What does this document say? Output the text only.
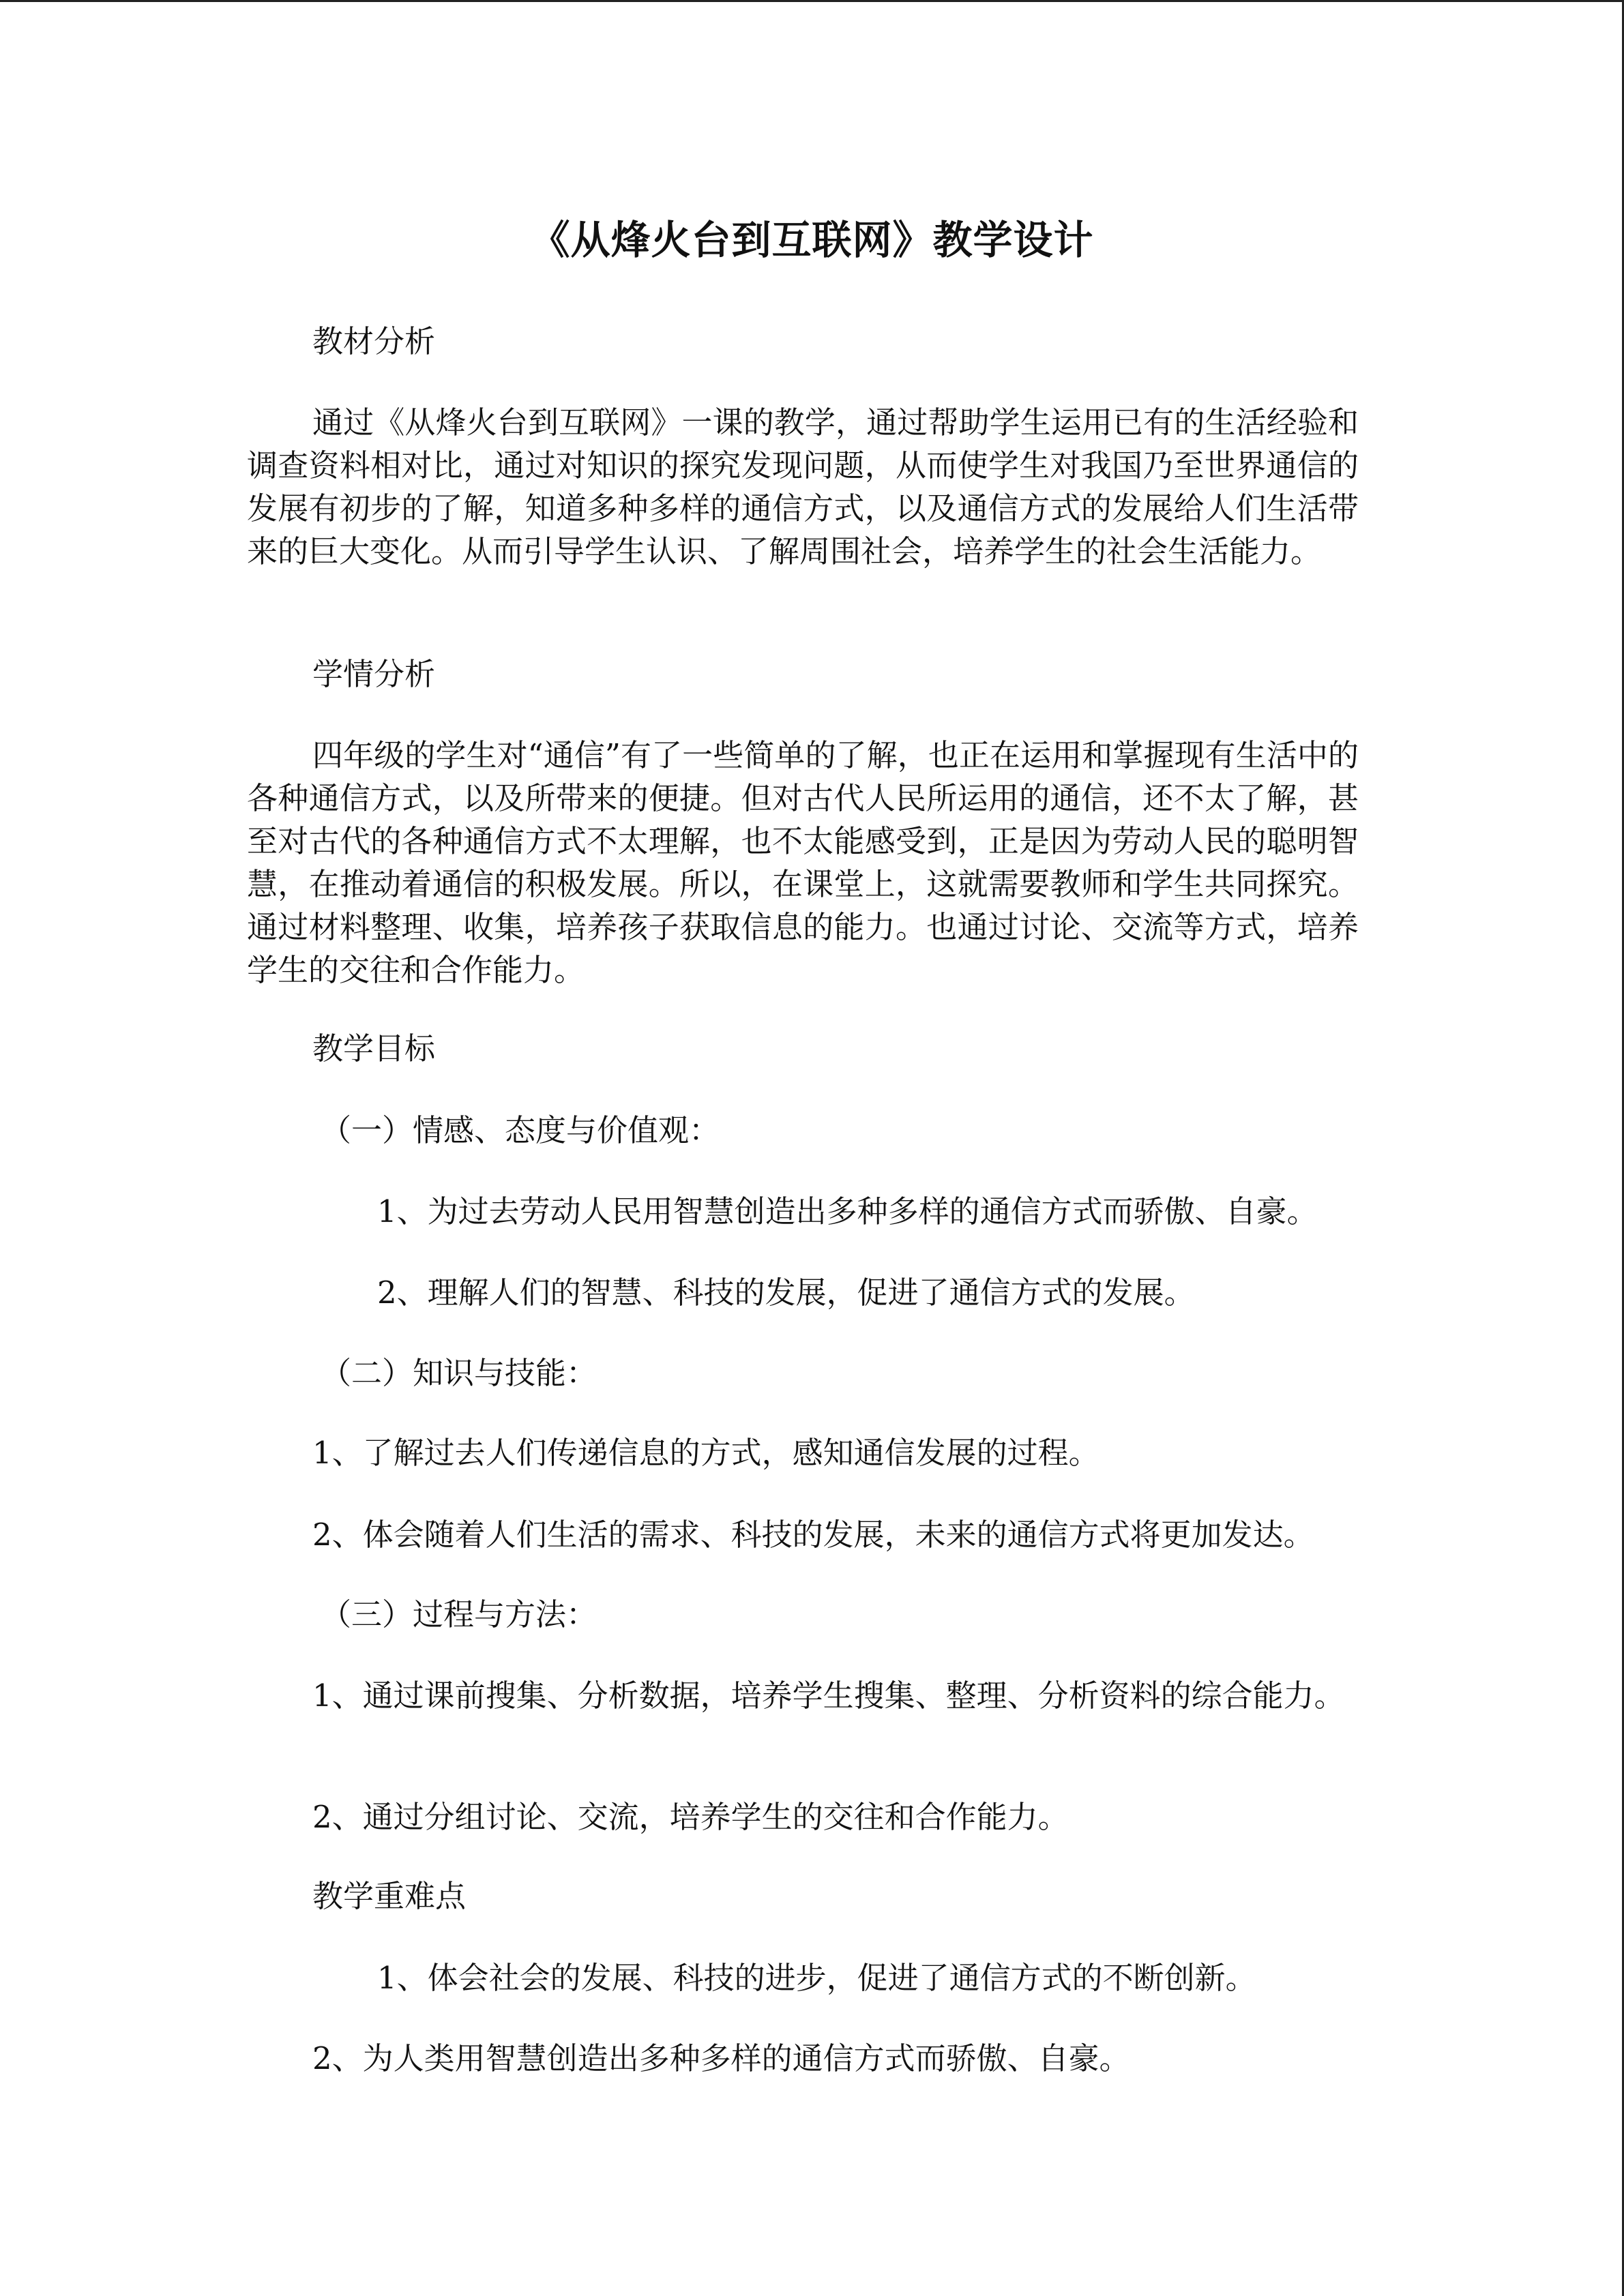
《从烽火台到互联网》教学设计

教材分析

通过《从烽火台到互联网》一课的教学，通过帮助学生运用已有的生活经验和调查资料相对比，通过对知识的探究发现问题，从而使学生对我国乃至世界通信的发展有初步的了解，知道多种多样的通信方式，以及通信方式的发展给人们生活带来的巨大变化。从而引导学生认识、了解周围社会，培养学生的社会生活能力。

学情分析

四年级的学生对“通信”有了一些简单的了解，也正在运用和掌握现有生活中的各种通信方式，以及所带来的便捷。但对古代人民所运用的通信，还不太了解，甚至对古代的各种通信方式不太理解，也不太能感受到，正是因为劳动人民的聪明智慧，在推动着通信的积极发展。所以，在课堂上，这就需要教师和学生共同探究。通过材料整理、收集，培养孩子获取信息的能力。也通过讨论、交流等方式，培养学生的交往和合作能力。

教学目标

（一）情感、态度与价值观：

1、为过去劳动人民用智慧创造出多种多样的通信方式而骄傲、自豪。

2、理解人们的智慧、科技的发展，促进了通信方式的发展。

（二）知识与技能：

1、了解过去人们传递信息的方式，感知通信发展的过程。

2、体会随着人们生活的需求、科技的发展，未来的通信方式将更加发达。

（三）过程与方法：

1、通过课前搜集、分析数据，培养学生搜集、整理、分析资料的综合能力。

2、通过分组讨论、交流，培养学生的交往和合作能力。

教学重难点

1、体会社会的发展、科技的进步，促进了通信方式的不断创新。

2、为人类用智慧创造出多种多样的通信方式而骄傲、自豪。
